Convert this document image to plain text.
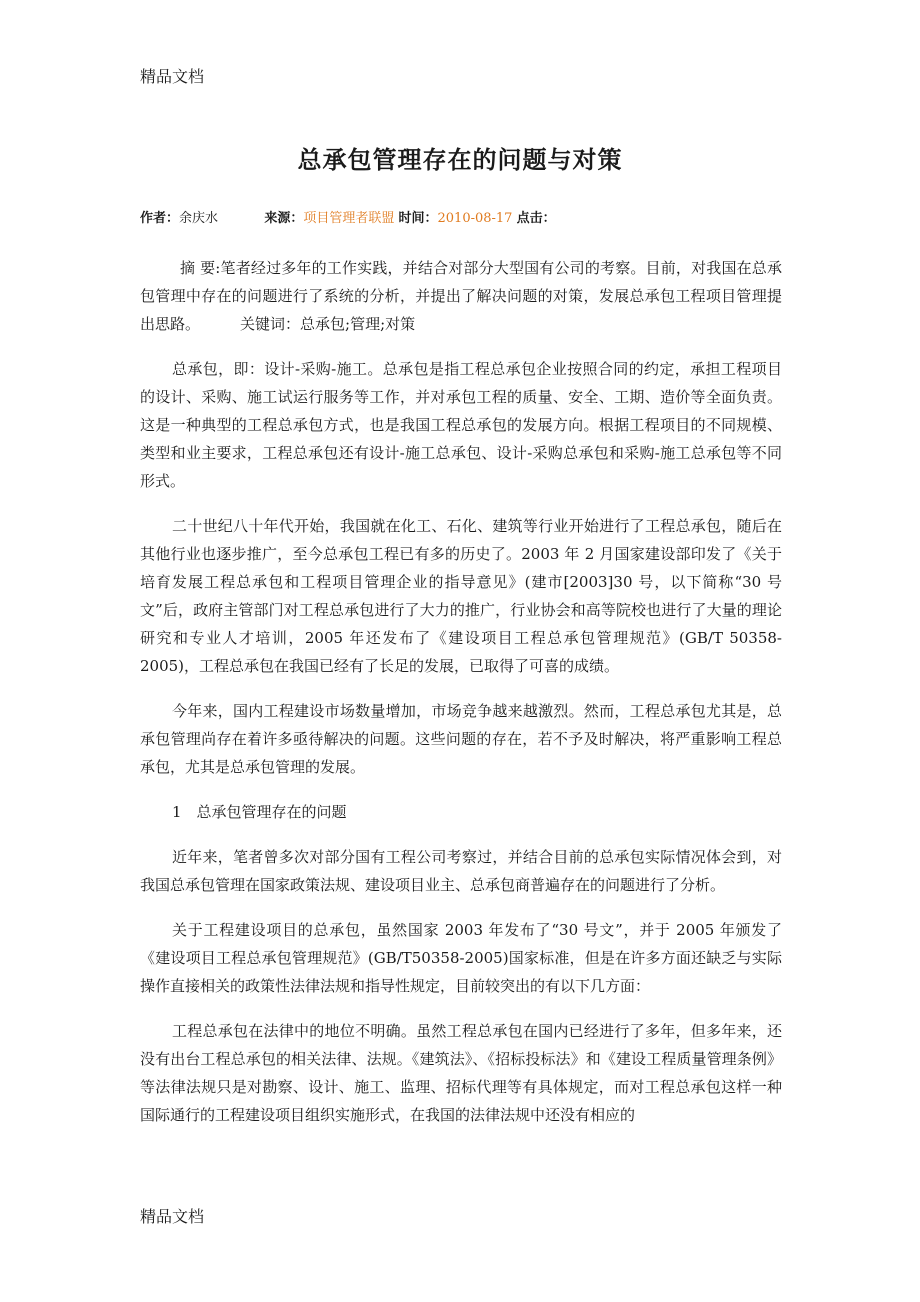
精品文档
总承包管理存在的问题与对策
作者：余庆水	来源：项目管理者联盟 时间：2010-08-17 点击：

摘 要:笔者经过多年的工作实践，并结合对部分大型国有公司的考察。目前，对我国在总承包管理中存在的问题进行了系统的分析，并提出了解决问题的对策，发展总承包工程项目管理提出思路。	关键词：总承包;管理;对策

总承包，即：设计-采购-施工。总承包是指工程总承包企业按照合同的约定，承担工程项目的设计、采购、施工试运行服务等工作，并对承包工程的质量、安全、工期、造价等全面负责。这是一种典型的工程总承包方式，也是我国工程总承包的发展方向。根据工程项目的不同规模、类型和业主要求，工程总承包还有设计-施工总承包、设计-采购总承包和采购-施工总承包等不同形式。

二十世纪八十年代开始，我国就在化工、石化、建筑等行业开始进行了工程总承包，随后在其他行业也逐步推广，至今总承包工程已有多的历史了。2003 年 2 月国家建设部印发了《关于培育发展工程总承包和工程项目管理企业的指导意见》(建市[2003]30 号，以下简称“30 号文”后，政府主管部门对工程总承包进行了大力的推广，行业协会和高等院校也进行了大量的理论研究和专业人才培训，2005 年还发布了《建设项目工程总承包管理规范》(GB/T 50358-2005)，工程总承包在我国已经有了长足的发展，已取得了可喜的成绩。

今年来，国内工程建设市场数量增加，市场竞争越来越激烈。然而，工程总承包尤其是，总承包管理尚存在着许多亟待解决的问题。这些问题的存在，若不予及时解决，将严重影响工程总承包，尤其是总承包管理的发展。

1　总承包管理存在的问题

近年来，笔者曾多次对部分国有工程公司考察过，并结合目前的总承包实际情况体会到，对我国总承包管理在国家政策法规、建设项目业主、总承包商普遍存在的问题进行了分析。

关于工程建设项目的总承包，虽然国家 2003 年发布了“30 号文”，并于 2005 年颁发了《建设项目工程总承包管理规范》(GB/T50358-2005)国家标准，但是在许多方面还缺乏与实际操作直接相关的政策性法律法规和指导性规定，目前较突出的有以下几方面：

工程总承包在法律中的地位不明确。虽然工程总承包在国内已经进行了多年，但多年来，还没有出台工程总承包的相关法律、法规。《建筑法》、《招标投标法》和《建设工程质量管理条例》等法律法规只是对勘察、设计、施工、监理、招标代理等有具体规定，而对工程总承包这样一种国际通行的工程建设项目组织实施形式，在我国的法律法规中还没有相应的

精品文档
